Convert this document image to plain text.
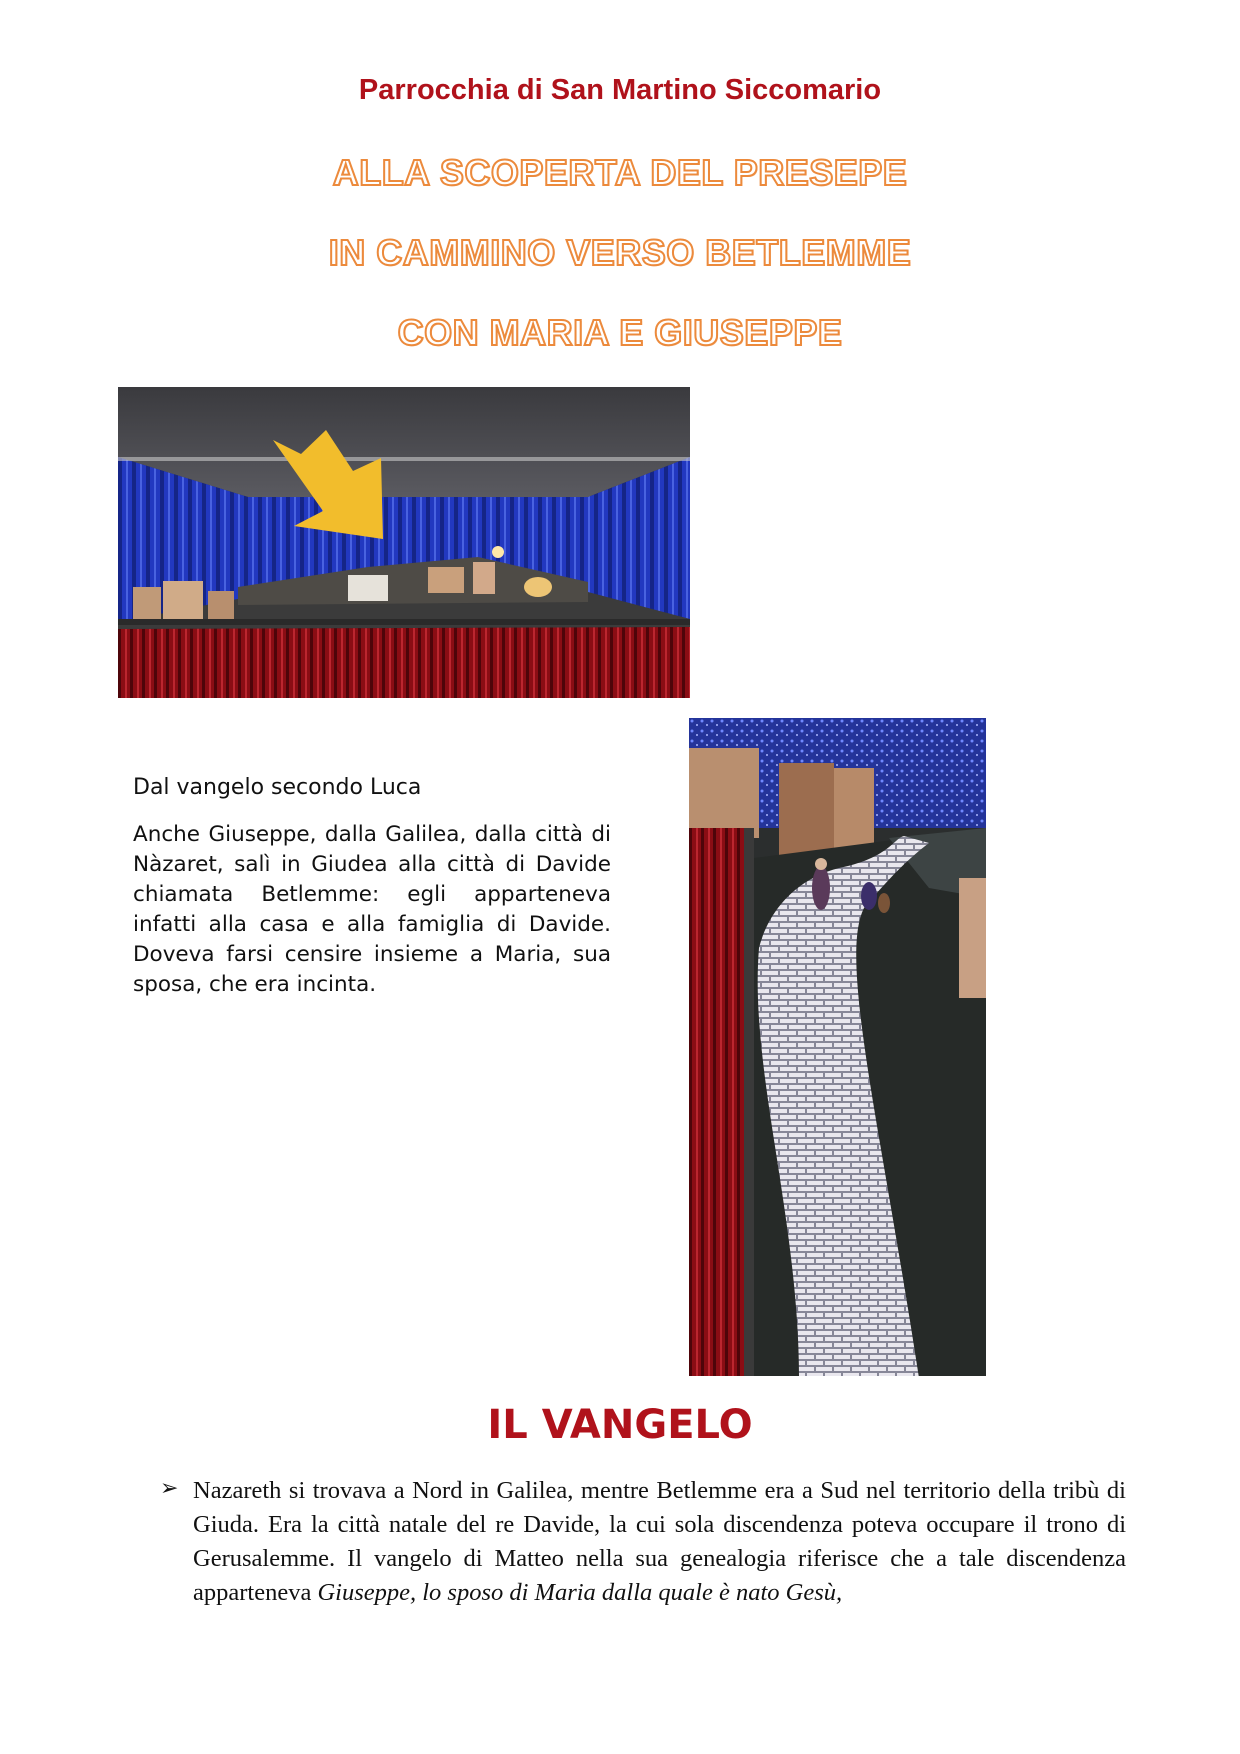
Parrocchia di San Martino Siccomario
ALLA SCOPERTA DEL PRESEPE
IN CAMMINO VERSO BETLEMME
CON MARIA E GIUSEPPE

Dal vangelo secondo Luca

Anche Giuseppe, dalla Galilea, dalla città di Nàzaret, salì in Giudea alla città di Davide chiamata Betlemme: egli apparteneva infatti alla casa e alla famiglia di Davide. Doveva farsi censire insieme a Maria, sua sposa, che era incinta.

IL VANGELO
➢ Nazareth si trovava a Nord in Galilea, mentre Betlemme era a Sud nel territorio della tribù di Giuda. Era la città natale del re Davide, la cui sola discendenza poteva occupare il trono di Gerusalemme. Il vangelo di Matteo nella sua genealogia riferisce che a tale discendenza apparteneva Giuseppe, lo sposo di Maria dalla quale è nato Gesù,
